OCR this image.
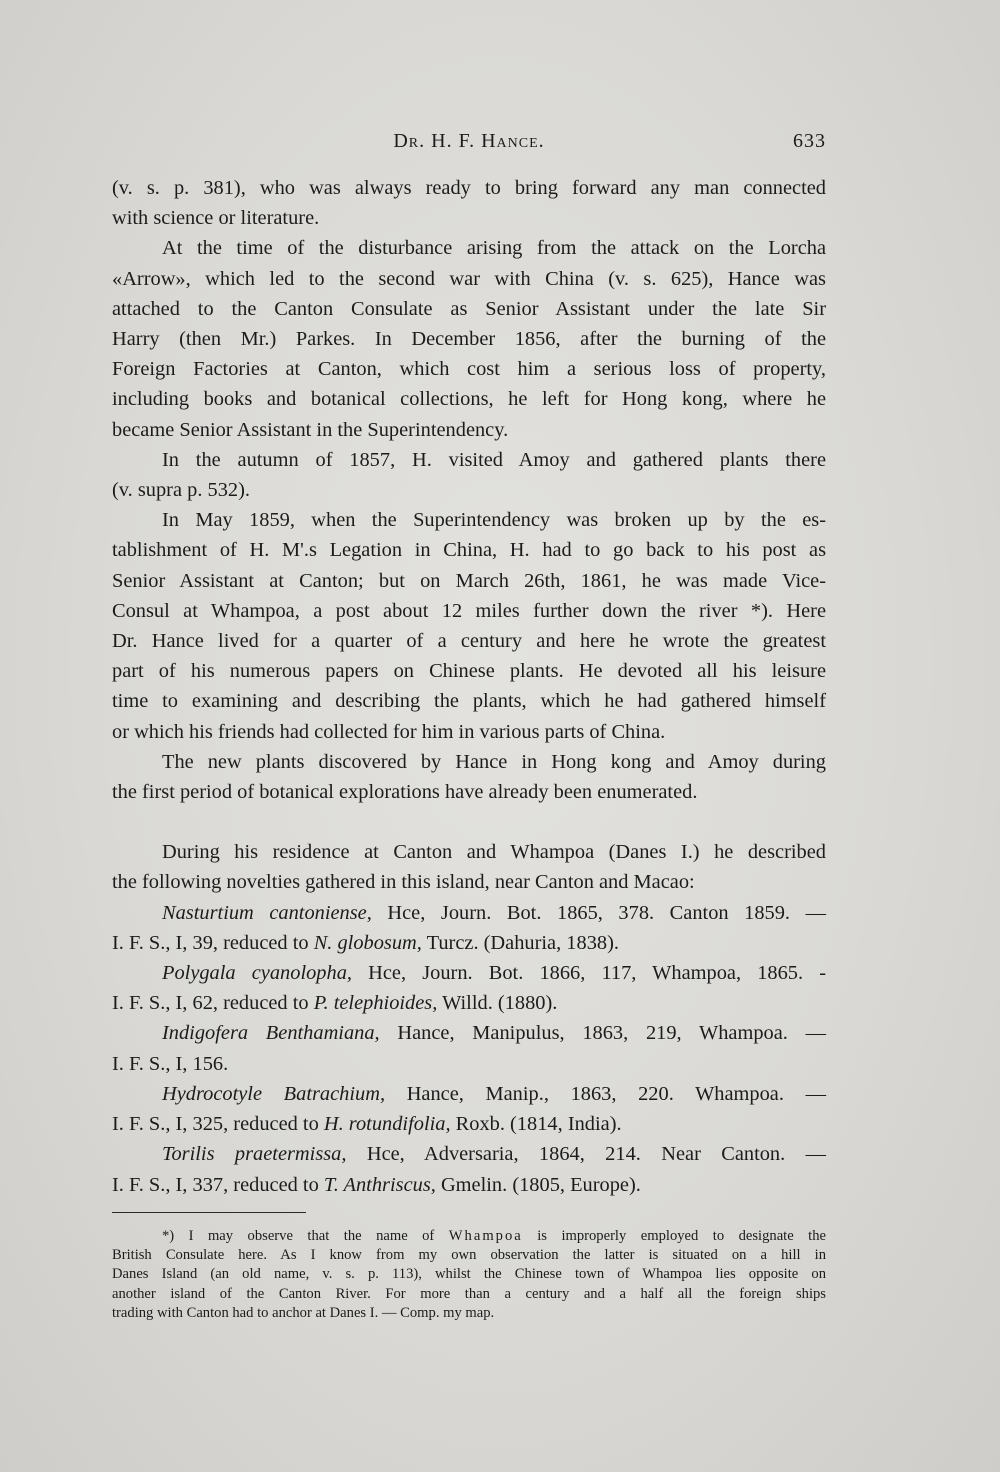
Dr. H. F. Hance.	633

(v. s. p. 381), who was always ready to bring forward any man connected
with science or literature.

At the time of the disturbance arising from the attack on the Lorcha
«Arrow», which led to the second war with China (v. s. 625), Hance was
attached to the Canton Consulate as Senior Assistant under the late Sir
Harry (then Mr.) Parkes. In December 1856, after the burning of the
Foreign Factories at Canton, which cost him a serious loss of property,
including books and botanical collections, he left for Hong kong, where he
became Senior Assistant in the Superintendency.

In the autumn of 1857, H. visited Amoy and gathered plants there
(v. supra p. 532).

In May 1859, when the Superintendency was broken up by the es-
tablishment of H. M'.s Legation in China, H. had to go back to his post as
Senior Assistant at Canton; but on March 26th, 1861, he was made Vice-
Consul at Whampoa, a post about 12 miles further down the river *). Here
Dr. Hance lived for a quarter of a century and here he wrote the greatest
part of his numerous papers on Chinese plants. He devoted all his leisure
time to examining and describing the plants, which he had gathered himself
or which his friends had collected for him in various parts of China.

The new plants discovered by Hance in Hong kong and Amoy during
the first period of botanical explorations have already been enumerated.

During his residence at Canton and Whampoa (Danes I.) he described
the following novelties gathered in this island, near Canton and Macao:

Nasturtium cantoniense, Hce, Journ. Bot. 1865, 378. Canton 1859. —
I. F. S., I, 39, reduced to N. globosum, Turcz. (Dahuria, 1838).

Polygala cyanolopha, Hce, Journ. Bot. 1866, 117, Whampoa, 1865. -
I. F. S., I, 62, reduced to P. telephioides, Willd. (1880).

Indigofera Benthamiana, Hance, Manipulus, 1863, 219, Whampoa. —
I. F. S., I, 156.

Hydrocotyle Batrachium, Hance, Manip., 1863, 220. Whampoa. —
I. F. S., I, 325, reduced to H. rotundifolia, Roxb. (1814, India).

Torilis praetermissa, Hce, Adversaria, 1864, 214. Near Canton. —
I. F. S., I, 337, reduced to T. Anthriscus, Gmelin. (1805, Europe).

*) I may observe that the name of Whampoa is improperly employed to designate the
British Consulate here. As I know from my own observation the latter is situated on a hill in
Danes Island (an old name, v. s. p. 113), whilst the Chinese town of Whampoa lies opposite on
another island of the Canton River. For more than a century and a half all the foreign ships
trading with Canton had to anchor at Danes I. — Comp. my map.
